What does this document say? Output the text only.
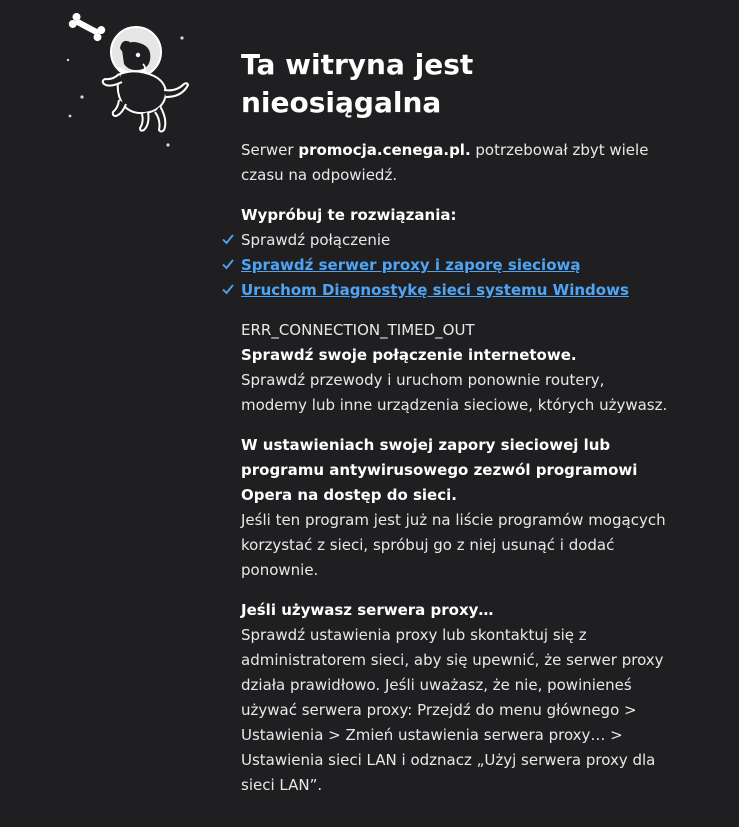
Ta witryna jest nieosiągalna

Serwer promocja.cenega.pl. potrzebował zbyt wiele czasu na odpowiedź.

Wypróbuj te rozwiązania:

Sprawdź połączenie
Sprawdź serwer proxy i zaporę sieciową
Uruchom Diagnostykę sieci systemu Windows

ERR_CONNECTION_TIMED_OUT

Sprawdź swoje połączenie internetowe.

Sprawdź przewody i uruchom ponownie routery, modemy lub inne urządzenia sieciowe, których używasz.

W ustawieniach swojej zapory sieciowej lub programu antywirusowego zezwól programowi Opera na dostęp do sieci.

Jeśli ten program jest już na liście programów mogących korzystać z sieci, spróbuj go z niej usunąć i dodać ponownie.

Jeśli używasz serwera proxy…

Sprawdź ustawienia proxy lub skontaktuj się z administratorem sieci, aby się upewnić, że serwer proxy działa prawidłowo. Jeśli uważasz, że nie, powinieneś używać serwera proxy: Przejdź do menu głównego > Ustawienia > Zmień ustawienia serwera proxy… > Ustawienia sieci LAN i odznacz „Użyj serwera proxy dla sieci LAN”.
